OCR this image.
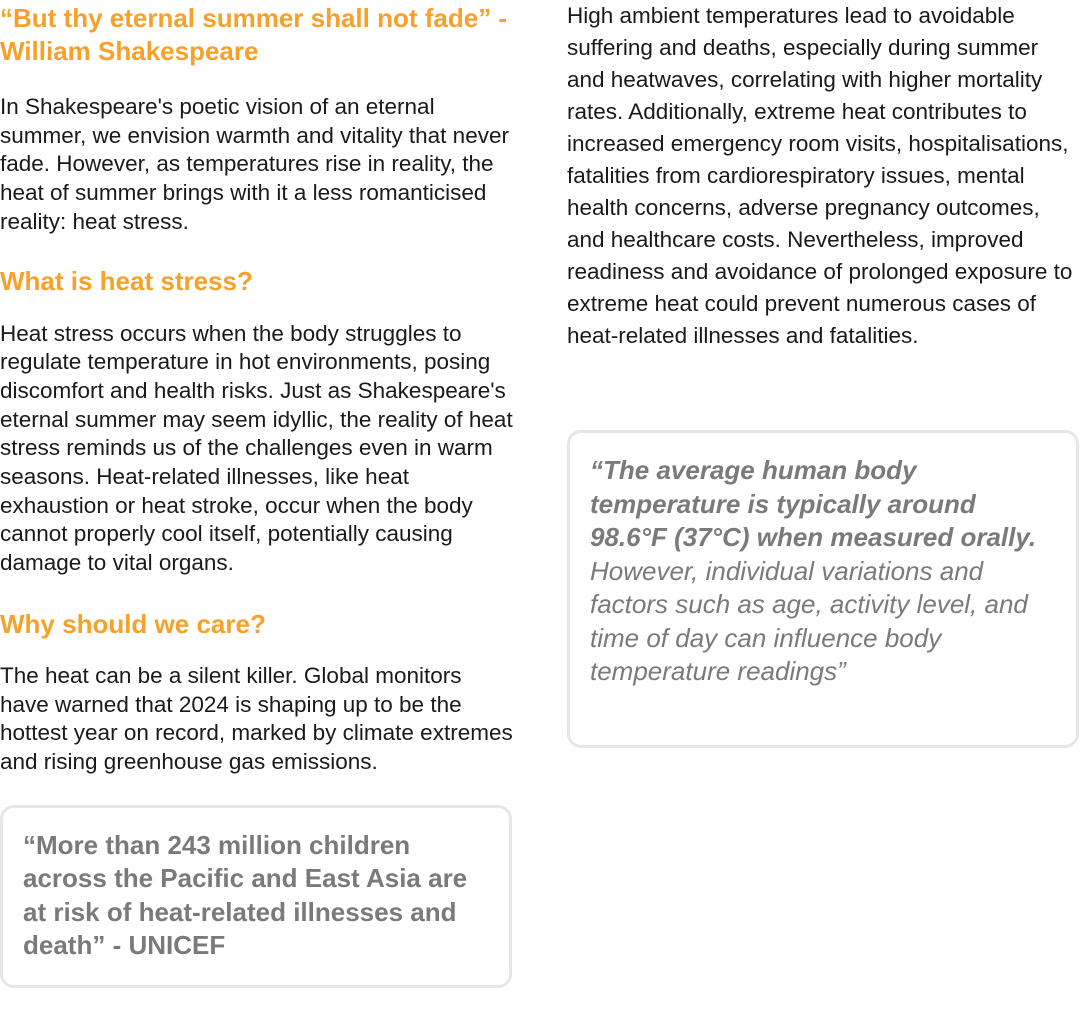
“But thy eternal summer shall not fade” - William Shakespeare

In Shakespeare's poetic vision of an eternal summer, we envision warmth and vitality that never fade. However, as temperatures rise in reality, the heat of summer brings with it a less romanticised reality: heat stress.

What is heat stress?

Heat stress occurs when the body struggles to regulate temperature in hot environments, posing discomfort and health risks. Just as Shakespeare's eternal summer may seem idyllic, the reality of heat stress reminds us of the challenges even in warm seasons. Heat-related illnesses, like heat exhaustion or heat stroke, occur when the body cannot properly cool itself, potentially causing damage to vital organs.

Why should we care?

The heat can be a silent killer. Global monitors have warned that 2024 is shaping up to be the hottest year on record, marked by climate extremes and rising greenhouse gas emissions.

“More than 243 million children across the Pacific and East Asia are at risk of heat-related illnesses and death” - UNICEF

High ambient temperatures lead to avoidable suffering and deaths, especially during summer and heatwaves, correlating with higher mortality rates. Additionally, extreme heat contributes to increased emergency room visits, hospitalisations, fatalities from cardiorespiratory issues, mental health concerns, adverse pregnancy outcomes, and healthcare costs. Nevertheless, improved readiness and avoidance of prolonged exposure to extreme heat could prevent numerous cases of heat-related illnesses and fatalities.

“The average human body temperature is typically around 98.6°F (37°C) when measured orally. However, individual variations and factors such as age, activity level, and time of day can influence body temperature readings”
